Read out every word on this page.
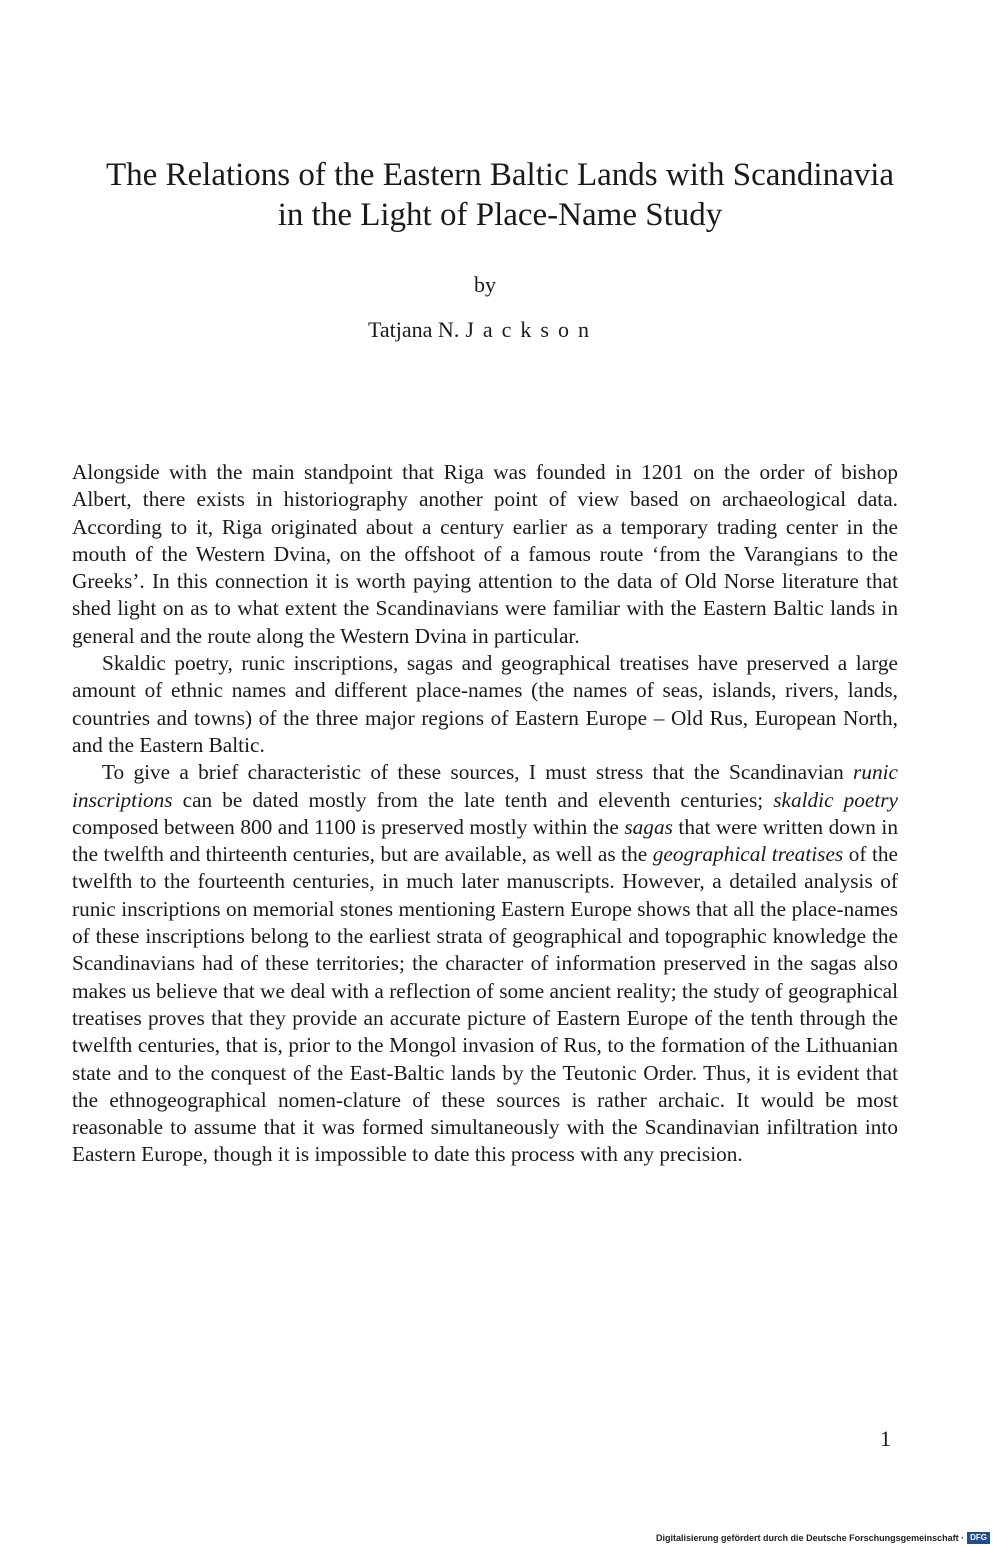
The Relations of the Eastern Baltic Lands with Scandinavia
in the Light of Place-Name Study
by
Tatjana N. Jackson

Alongside with the main standpoint that Riga was founded in 1201 on the order of bishop Albert, there exists in historiography another point of view based on archaeological data. According to it, Riga originated about a century earlier as a temporary trading center in the mouth of the Western Dvina, on the offshoot of a famous route ‘from the Varangians to the Greeks’. In this connection it is worth paying attention to the data of Old Norse literature that shed light on as to what extent the Scandinavians were familiar with the Eastern Baltic lands in general and the route along the Western Dvina in particular.

Skaldic poetry, runic inscriptions, sagas and geographical treatises have preserved a large amount of ethnic names and different place-names (the names of seas, islands, rivers, lands, countries and towns) of the three major regions of Eastern Europe – Old Rus, European North, and the Eastern Baltic.

To give a brief characteristic of these sources, I must stress that the Scandinavian runic inscriptions can be dated mostly from the late tenth and eleventh centuries; skaldic poetry composed between 800 and 1100 is preserved mostly within the sagas that were written down in the twelfth and thirteenth centuries, but are available, as well as the geographical treatises of the twelfth to the fourteenth centuries, in much later manuscripts. However, a detailed analysis of runic inscriptions on memorial stones mentioning Eastern Europe shows that all the place-names of these inscriptions belong to the earliest strata of geographical and topographic knowledge the Scandinavians had of these territories; the character of information preserved in the sagas also makes us believe that we deal with a reflection of some ancient reality; the study of geographical treatises proves that they provide an accurate picture of Eastern Europe of the tenth through the twelfth centuries, that is, prior to the Mongol invasion of Rus, to the formation of the Lithuanian state and to the conquest of the East-Baltic lands by the Teutonic Order. Thus, it is evident that the ethnogeographical nomen-clature of these sources is rather archaic. It would be most reasonable to assume that it was formed simultaneously with the Scandinavian infiltration into Eastern Europe, though it is impossible to date this process with any precision.

1
Digitalisierung gefördert durch die Deutsche Forschungsgemeinschaft · DFG
